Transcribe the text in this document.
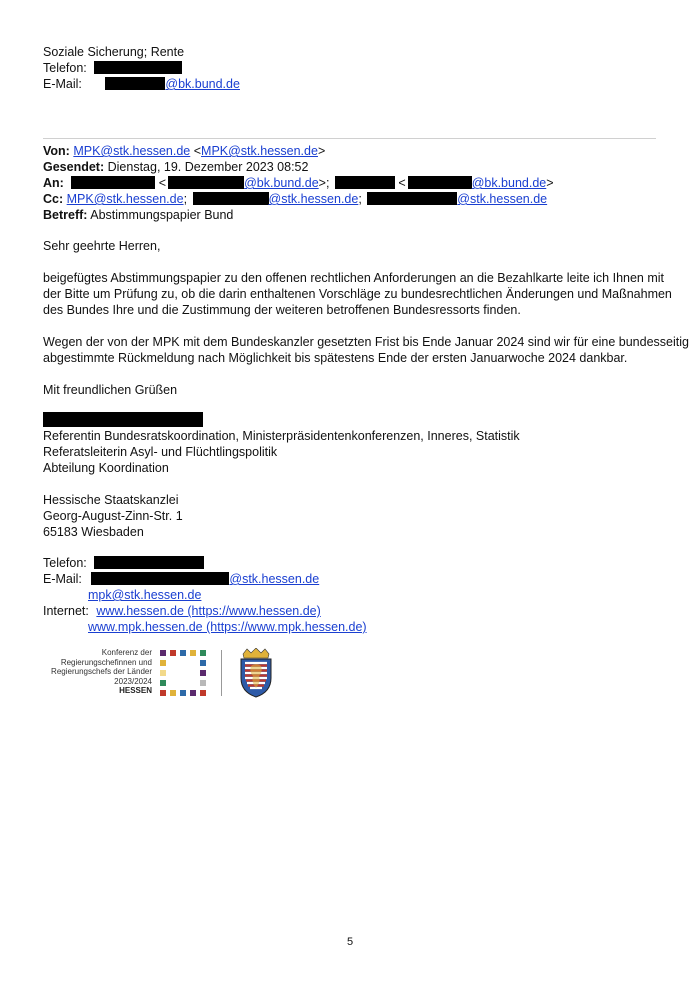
Soziale Sicherung; Rente
Telefon:
E-Mail:	@bk.bund.de
Von: MPK@stk.hessen.de <MPK@stk.hessen.de>
Gesendet: Dienstag, 19. Dezember 2023 08:52
An:	<	@bk.bund.de>;	<	@bk.bund.de>
Cc: MPK@stk.hessen.de;	@stk.hessen.de;	@stk.hessen.de
Betreff: Abstimmungspapier Bund
Sehr geehrte Herren,
beigefügtes Abstimmungspapier zu den offenen rechtlichen Anforderungen an die Bezahlkarte leite ich Ihnen mit
der Bitte um Prüfung zu, ob die darin enthaltenen Vorschläge zu bundesrechtlichen Änderungen und Maßnahmen
des Bundes Ihre und die Zustimmung der weiteren betroffenen Bundesressorts finden.
Wegen der von der MPK mit dem Bundeskanzler gesetzten Frist bis Ende Januar 2024 sind wir für eine bundesseitig
abgestimmte Rückmeldung nach Möglichkeit bis spätestens Ende der ersten Januarwoche 2024 dankbar.
Mit freundlichen Grüßen
Referentin Bundesratskoordination, Ministerpräsidentenkonferenzen, Inneres, Statistik
Referatsleiterin Asyl- und Flüchtlingspolitik
Abteilung Koordination
Hessische Staatskanzlei
Georg-August-Zinn-Str. 1
65183 Wiesbaden
Telefon:
E-Mail:	@stk.hessen.de
mpk@stk.hessen.de
Internet: www.hessen.de (https://www.hessen.de)
www.mpk.hessen.de (https://www.mpk.hessen.de)
Konferenz der
Regierungschefinnen und
Regierungschefs der Länder
2023/2024
HESSEN
5
